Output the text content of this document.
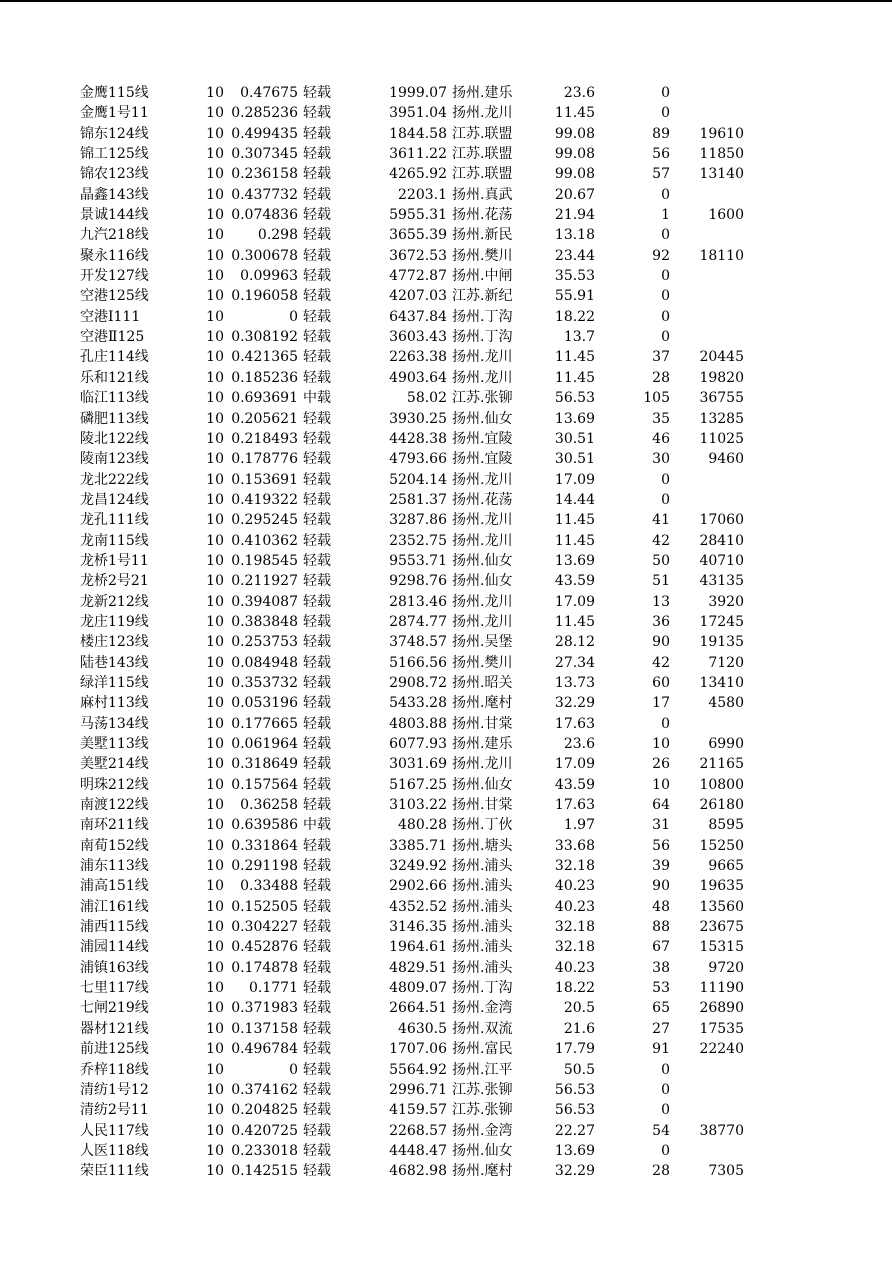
金鹰115线	10	0.47675 轻载	1999.07 扬州.建乐	23.6	0
金鹰1号11	10 0.285236 轻载	3951.04 扬州.龙川	11.45	0
锦东124线	10 0.499435 轻载	1844.58 江苏.联盟	99.08	89	19610
锦工125线	10 0.307345 轻载	3611.22 江苏.联盟	99.08	56	11850
锦农123线	10 0.236158 轻载	4265.92 江苏.联盟	99.08	57	13140
晶鑫143线	10 0.437732 轻载	2203.1 扬州.真武	20.67	0
景诚144线	10 0.074836 轻载	5955.31 扬州.花荡	21.94	1	1600
九汽218线	10	0.298 轻载	3655.39 扬州.新民	13.18	0
聚永116线	10 0.300678 轻载	3672.53 扬州.樊川	23.44	92	18110
开发127线	10	0.09963 轻载	4772.87 扬州.中闸	35.53	0
空港125线	10 0.196058 轻载	4207.03 江苏.新纪	55.91	0
空港Ⅰ111	10	0 轻载	6437.84 扬州.丁沟	18.22	0
空港Ⅱ125	10 0.308192 轻载	3603.43 扬州.丁沟	13.7	0
孔庄114线	10 0.421365 轻载	2263.38 扬州.龙川	11.45	37	20445
乐和121线	10 0.185236 轻载	4903.64 扬州.龙川	11.45	28	19820
临江113线	10 0.693691 中载	58.02 江苏.张铆	56.53	105	36755
磷肥113线	10 0.205621 轻载	3930.25 扬州.仙女	13.69	35	13285
陵北122线	10 0.218493 轻载	4428.38 扬州.宜陵	30.51	46	11025
陵南123线	10 0.178776 轻载	4793.66 扬州.宜陵	30.51	30	9460
龙北222线	10 0.153691 轻载	5204.14 扬州.龙川	17.09	0
龙昌124线	10 0.419322 轻载	2581.37 扬州.花荡	14.44	0
龙孔111线	10 0.295245 轻载	3287.86 扬州.龙川	11.45	41	17060
龙南115线	10 0.410362 轻载	2352.75 扬州.龙川	11.45	42	28410
龙桥1号11	10 0.198545 轻载	9553.71 扬州.仙女	13.69	50	40710
龙桥2号21	10 0.211927 轻载	9298.76 扬州.仙女	43.59	51	43135
龙新212线	10 0.394087 轻载	2813.46 扬州.龙川	17.09	13	3920
龙庄119线	10 0.383848 轻载	2874.77 扬州.龙川	11.45	36	17245
楼庄123线	10 0.253753 轻载	3748.57 扬州.吴堡	28.12	90	19135
陆巷143线	10 0.084948 轻载	5166.56 扬州.樊川	27.34	42	7120
绿洋115线	10 0.353732 轻载	2908.72 扬州.昭关	13.73	60	13410
麻村113线	10 0.053196 轻载	5433.28 扬州.麾村	32.29	17	4580
马荡134线	10 0.177665 轻载	4803.88 扬州.甘棠	17.63	0
美墅113线	10 0.061964 轻载	6077.93 扬州.建乐	23.6	10	6990
美墅214线	10 0.318649 轻载	3031.69 扬州.龙川	17.09	26	21165
明珠212线	10 0.157564 轻载	5167.25 扬州.仙女	43.59	10	10800
南渡122线	10	0.36258 轻载	3103.22 扬州.甘棠	17.63	64	26180
南环211线	10 0.639586 中载	480.28 扬州.丁伙	1.97	31	8595
南荀152线	10 0.331864 轻载	3385.71 扬州.塘头	33.68	56	15250
浦东113线	10 0.291198 轻载	3249.92 扬州.浦头	32.18	39	9665
浦高151线	10	0.33488 轻载	2902.66 扬州.浦头	40.23	90	19635
浦江161线	10 0.152505 轻载	4352.52 扬州.浦头	40.23	48	13560
浦西115线	10 0.304227 轻载	3146.35 扬州.浦头	32.18	88	23675
浦园114线	10 0.452876 轻载	1964.61 扬州.浦头	32.18	67	15315
浦镇163线	10 0.174878 轻载	4829.51 扬州.浦头	40.23	38	9720
七里117线	10	0.1771 轻载	4809.07 扬州.丁沟	18.22	53	11190
七闸219线	10 0.371983 轻载	2664.51 扬州.金湾	20.5	65	26890
器材121线	10 0.137158 轻载	4630.5 扬州.双流	21.6	27	17535
前进125线	10 0.496784 轻载	1707.06 扬州.富民	17.79	91	22240
乔梓118线	10	0 轻载	5564.92 扬州.江平	50.5	0
清纺1号12	10 0.374162 轻载	2996.71 江苏.张铆	56.53	0
清纺2号11	10 0.204825 轻载	4159.57 江苏.张铆	56.53	0
人民117线	10 0.420725 轻载	2268.57 扬州.金湾	22.27	54	38770
人医118线	10 0.233018 轻载	4448.47 扬州.仙女	13.69	0
荣臣111线	10 0.142515 轻载	4682.98 扬州.麾村	32.29	28	7305
